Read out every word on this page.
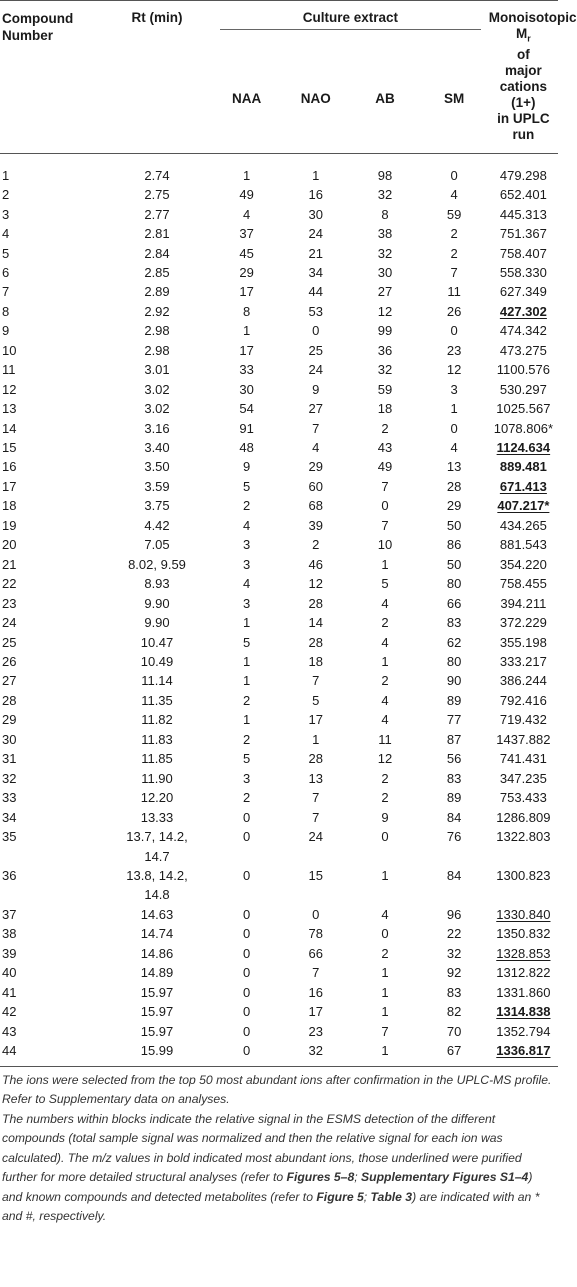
Compound Number	Rt (min)	Culture extract				Monoisotopic $M_r$
of
major cations (1+)
in UPLC run
		NAA	NAO	AB	SM	

1	2.74	1	1	98	0	479.298
2	2.75	49	16	32	4	652.401
3	2.77	4	30	8	59	445.313
4	2.81	37	24	38	2	751.367
5	2.84	45	21	32	2	758.407
6	2.85	29	34	30	7	558.330
7	2.89	17	44	27	11	627.349
8	2.92	8	53	12	26	427.302
9	2.98	1	0	99	0	474.342
10	2.98	17	25	36	23	473.275
11	3.01	33	24	32	12	1100.576
12	3.02	30	9	59	3	530.297
13	3.02	54	27	18	1	1025.567
14	3.16	91	7	2	0	1078.806*
15	3.40	48	4	43	4	1124.634
16	3.50	9	29	49	13	889.481
17	3.59	5	60	7	28	671.413
18	3.75	2	68	0	29	407.217*
19	4.42	4	39	7	50	434.265
20	7.05	3	2	10	86	881.543
21	8.02, 9.59	3	46	1	50	354.220
22	8.93	4	12	5	80	758.455
23	9.90	3	28	4	66	394.211
24	9.90	1	14	2	83	372.229
25	10.47	5	28	4	62	355.198
26	10.49	1	18	1	80	333.217
27	11.14	1	7	2	90	386.244
28	11.35	2	5	4	89	792.416
29	11.82	1	17	4	77	719.432
30	11.83	2	1	11	87	1437.882
31	11.85	5	28	12	56	741.431
32	11.90	3	13	2	83	347.235
33	12.20	2	7	2	89	753.433
34	13.33	0	7	9	84	1286.809
35	13.7, 14.2, 14.7	0	24	0	76	1322.803
36	13.8, 14.2, 14.8	0	15	1	84	1300.823
37	14.63	0	0	4	96	1330.840
38	14.74	0	78	0	22	1350.832
39	14.86	0	66	2	32	1328.853
40	14.89	0	7	1	92	1312.822
41	15.97	0	16	1	83	1331.860
42	15.97	0	17	1	82	1314.838
43	15.97	0	23	7	70	1352.794
44	15.99	0	32	1	67	1336.817

The ions were selected from the top 50 most abundant ions after confirmation in the UPLC-MS profile. Refer to Supplementary data on analyses.

The numbers within blocks indicate the relative signal in the ESMS detection of the different compounds (total sample signal was normalized and then the relative signal for each ion was calculated). The m/z values in bold indicated most abundant ions, those underlined were purified further for more detailed structural analyses (refer to Figures 5–8; Supplementary Figures S1–4) and known compounds and detected metabolites (refer to Figure 5; Table 3) are indicated with an * and #, respectively.
